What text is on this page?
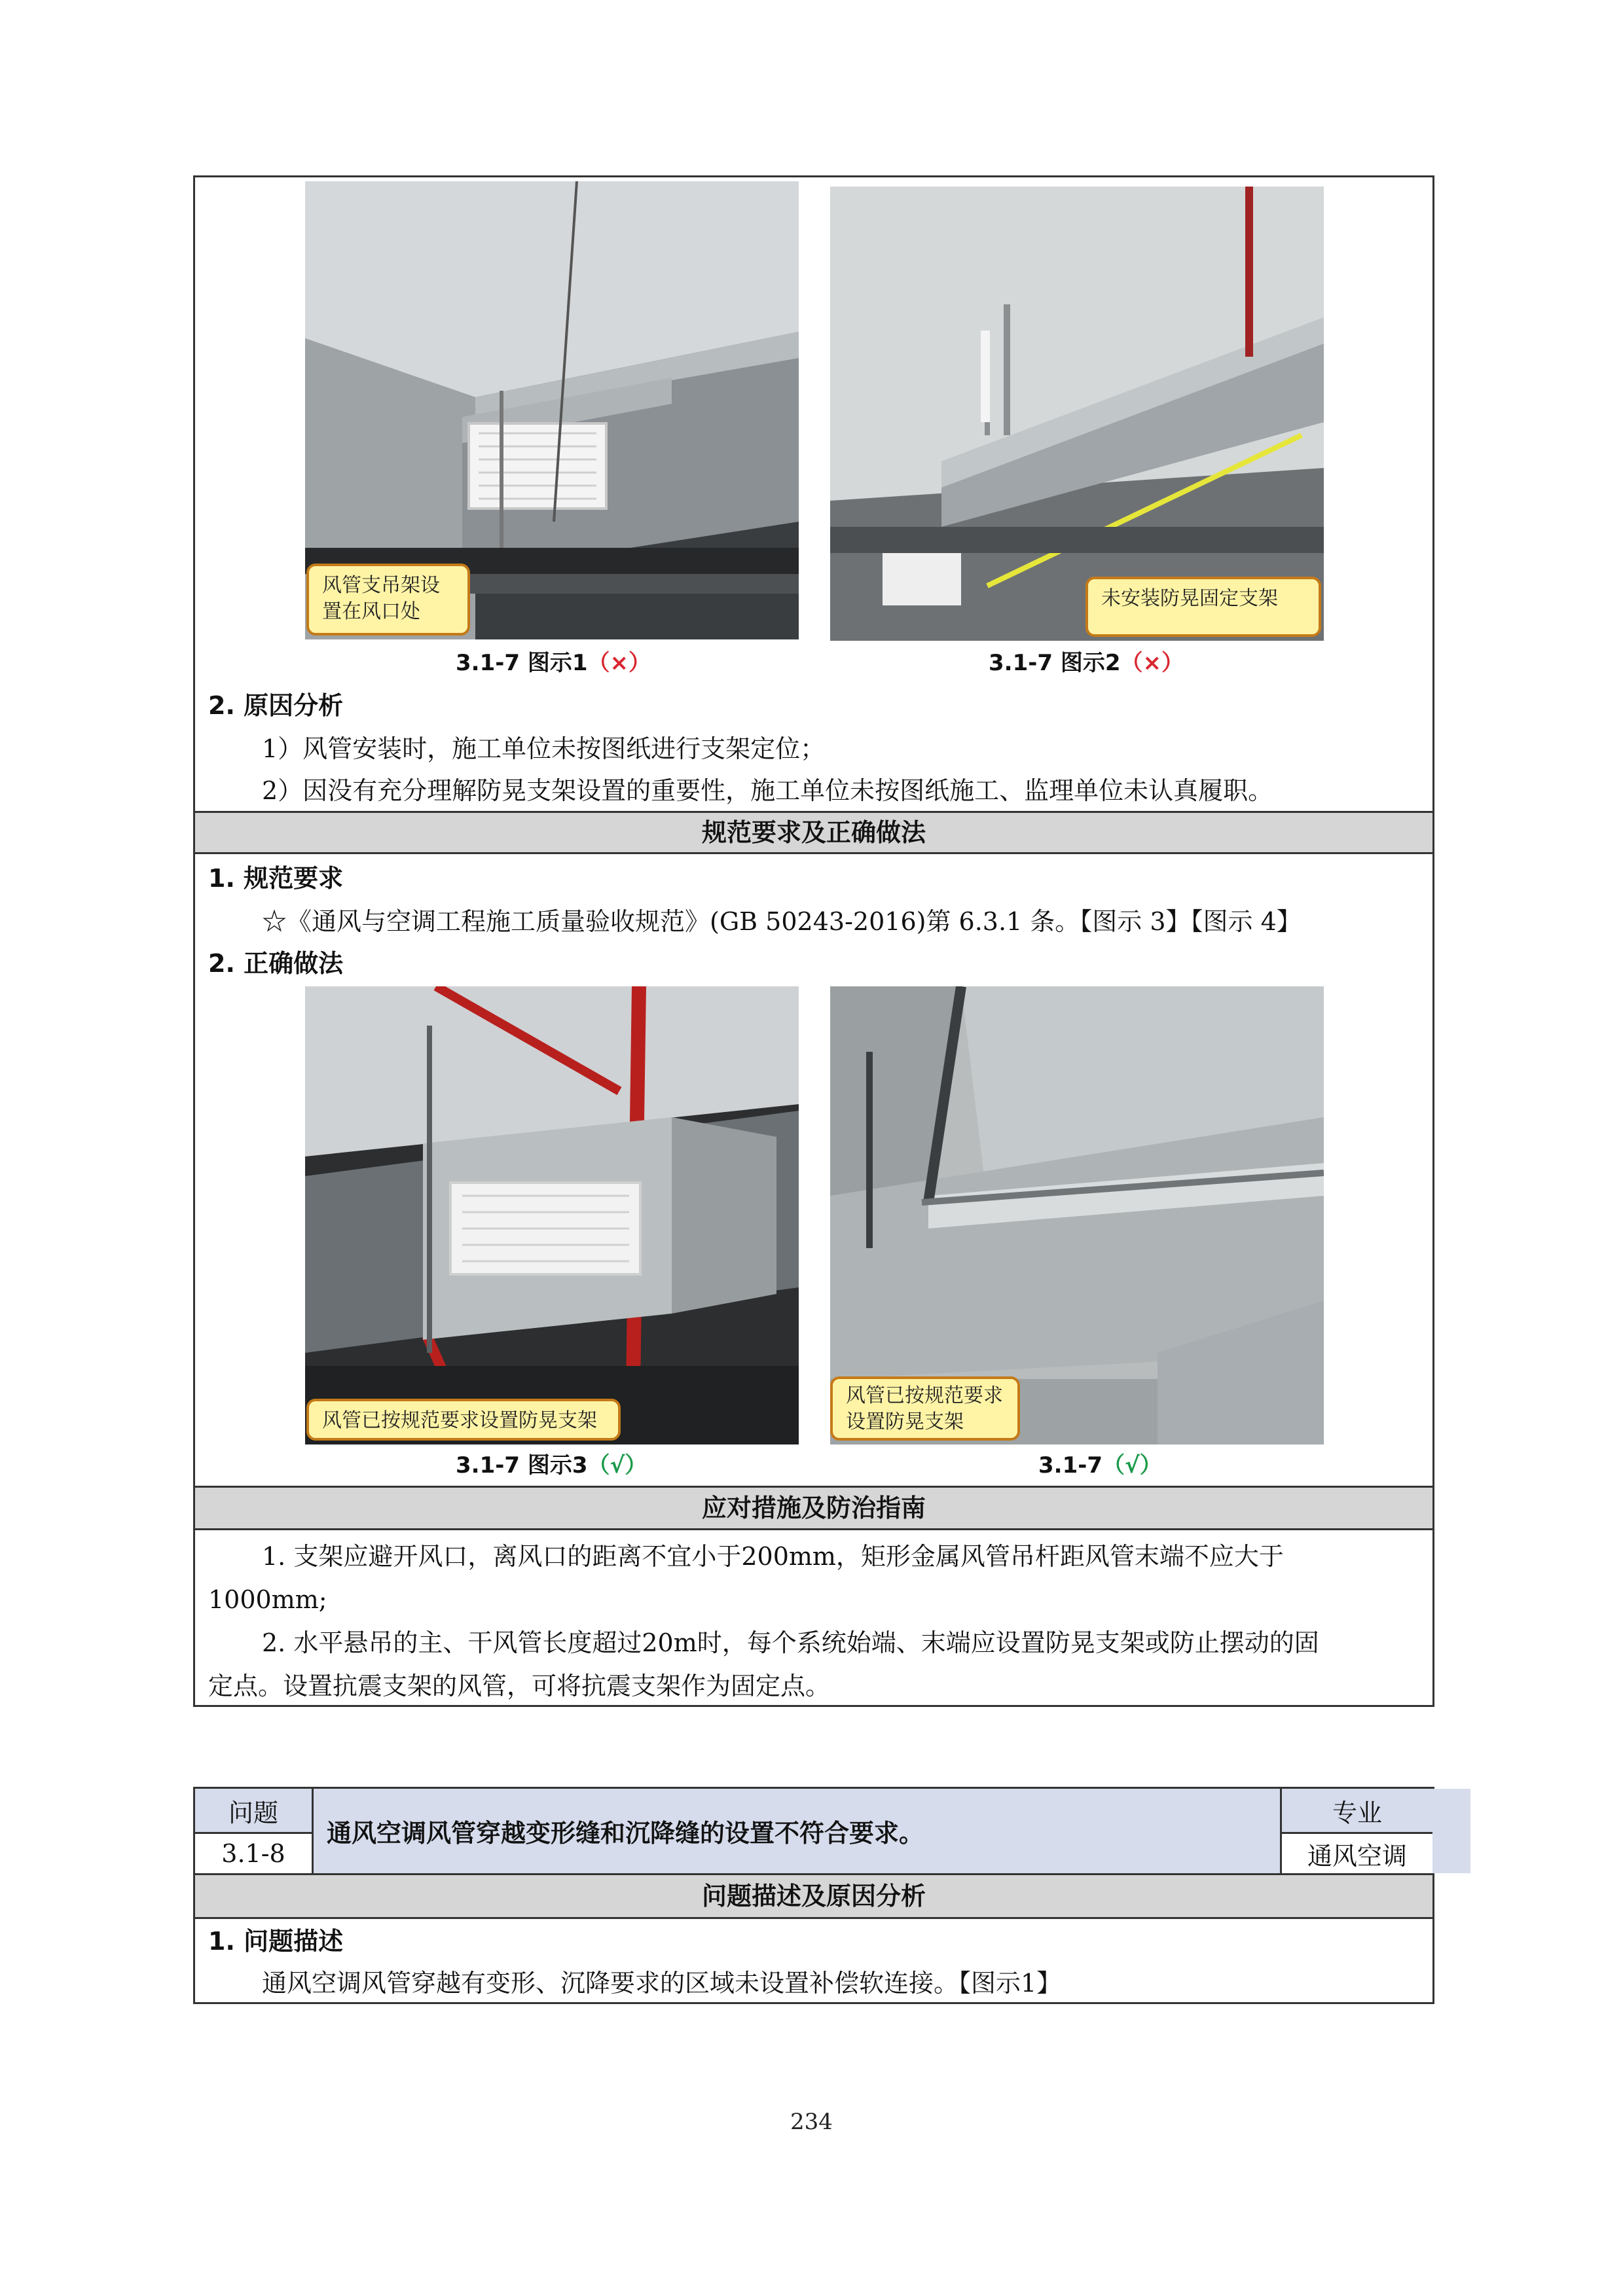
风管支吊架设置在风口处
未安装防晃固定支架
3.1-7 图示1（×）	3.1-7 图示2（×）
2. 原因分析
1）风管安装时，施工单位未按图纸进行支架定位；
2）因没有充分理解防晃支架设置的重要性，施工单位未按图纸施工、监理单位未认真履职。
规范要求及正确做法
1. 规范要求
☆《通风与空调工程施工质量验收规范》(GB 50243-2016)第 6.3.1 条。【图示 3】【图示 4】
2. 正确做法
风管已按规范要求设置防晃支架
风管已按规范要求设置防晃支架
3.1-7 图示3（√）	3.1-7（√）
应对措施及防治指南
1. 支架应避开风口，离风口的距离不宜小于200mm，矩形金属风管吊杆距风管末端不应大于
1000mm;
2. 水平悬吊的主、干风管长度超过20m时，每个系统始端、末端应设置防晃支架或防止摆动的固
定点。设置抗震支架的风管，可将抗震支架作为固定点。
问题
3.1-8
通风空调风管穿越变形缝和沉降缝的设置不符合要求。
专业
通风空调
问题描述及原因分析
1. 问题描述
通风空调风管穿越有变形、沉降要求的区域未设置补偿软连接。【图示1】
234
